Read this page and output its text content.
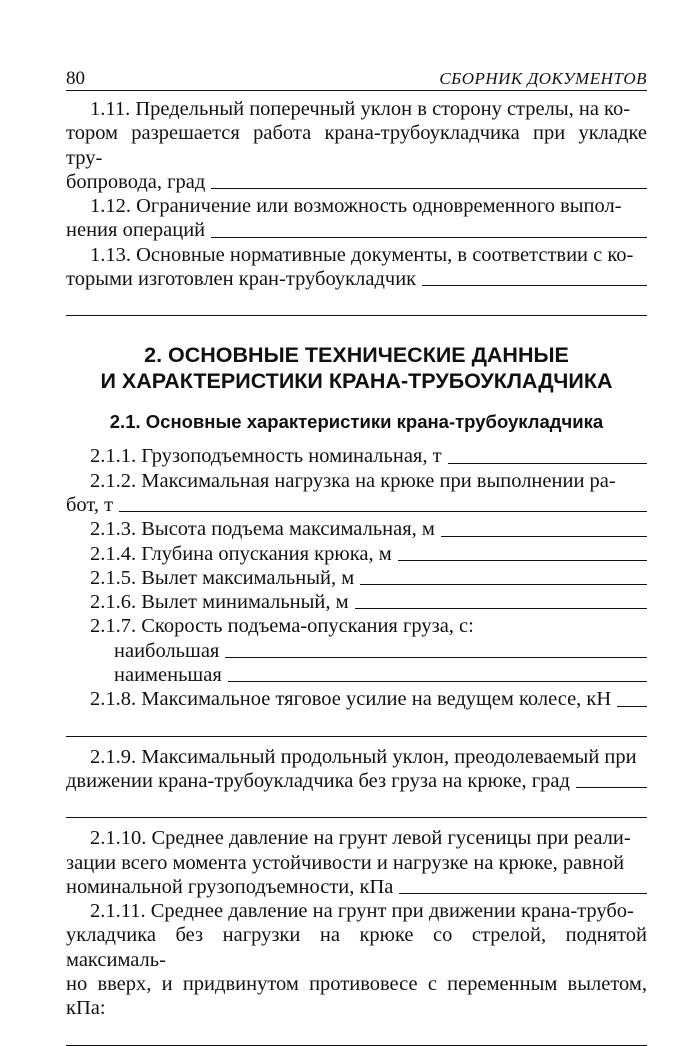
80	СБОРНИК ДОКУМЕНТОВ

1.11. Предельный поперечный уклон в сторону стрелы, на ко-

тором разрешается работа крана-трубоукладчика при укладке тру-

бопровода, град

1.12. Ограничение или возможность одновременного выпол-

нения операций

1.13. Основные нормативные документы, в соответствии с ко-

торыми изготовлен кран-трубоукладчик

2. ОСНОВНЫЕ ТЕХНИЧЕСКИЕ ДАННЫЕ

И ХАРАКТЕРИСТИКИ КРАНА-ТРУБОУКЛАДЧИКА

2.1. Основные характеристики крана-трубоукладчика

2.1.1. Грузоподъемность номинальная, т

2.1.2. Максимальная нагрузка на крюке при выполнении ра-

бот, т
2.1.3. Высота подъема максимальная, м
2.1.4. Глубина опускания крюка, м
2.1.5. Вылет максимальный, м
2.1.6. Вылет минимальный, м
2.1.7. Скорость подъема-опускания груза, с:
наибольшая
наименьшая
2.1.8. Максимальное тяговое усилие на ведущем колесе, кН

2.1.9. Максимальный продольный уклон, преодолеваемый при

движении крана-трубоукладчика без груза на крюке, град

2.1.10. Среднее давление на грунт левой гусеницы при реали-

зации всего момента устойчивости и нагрузке на крюке, равной

номинальной грузоподъемности, кПа

2.1.11. Среднее давление на грунт при движении крана-трубо-

укладчика без нагрузки на крюке со стрелой, поднятой максималь-

но вверх, и придвинутом противовесе с переменным вылетом, кПа:
